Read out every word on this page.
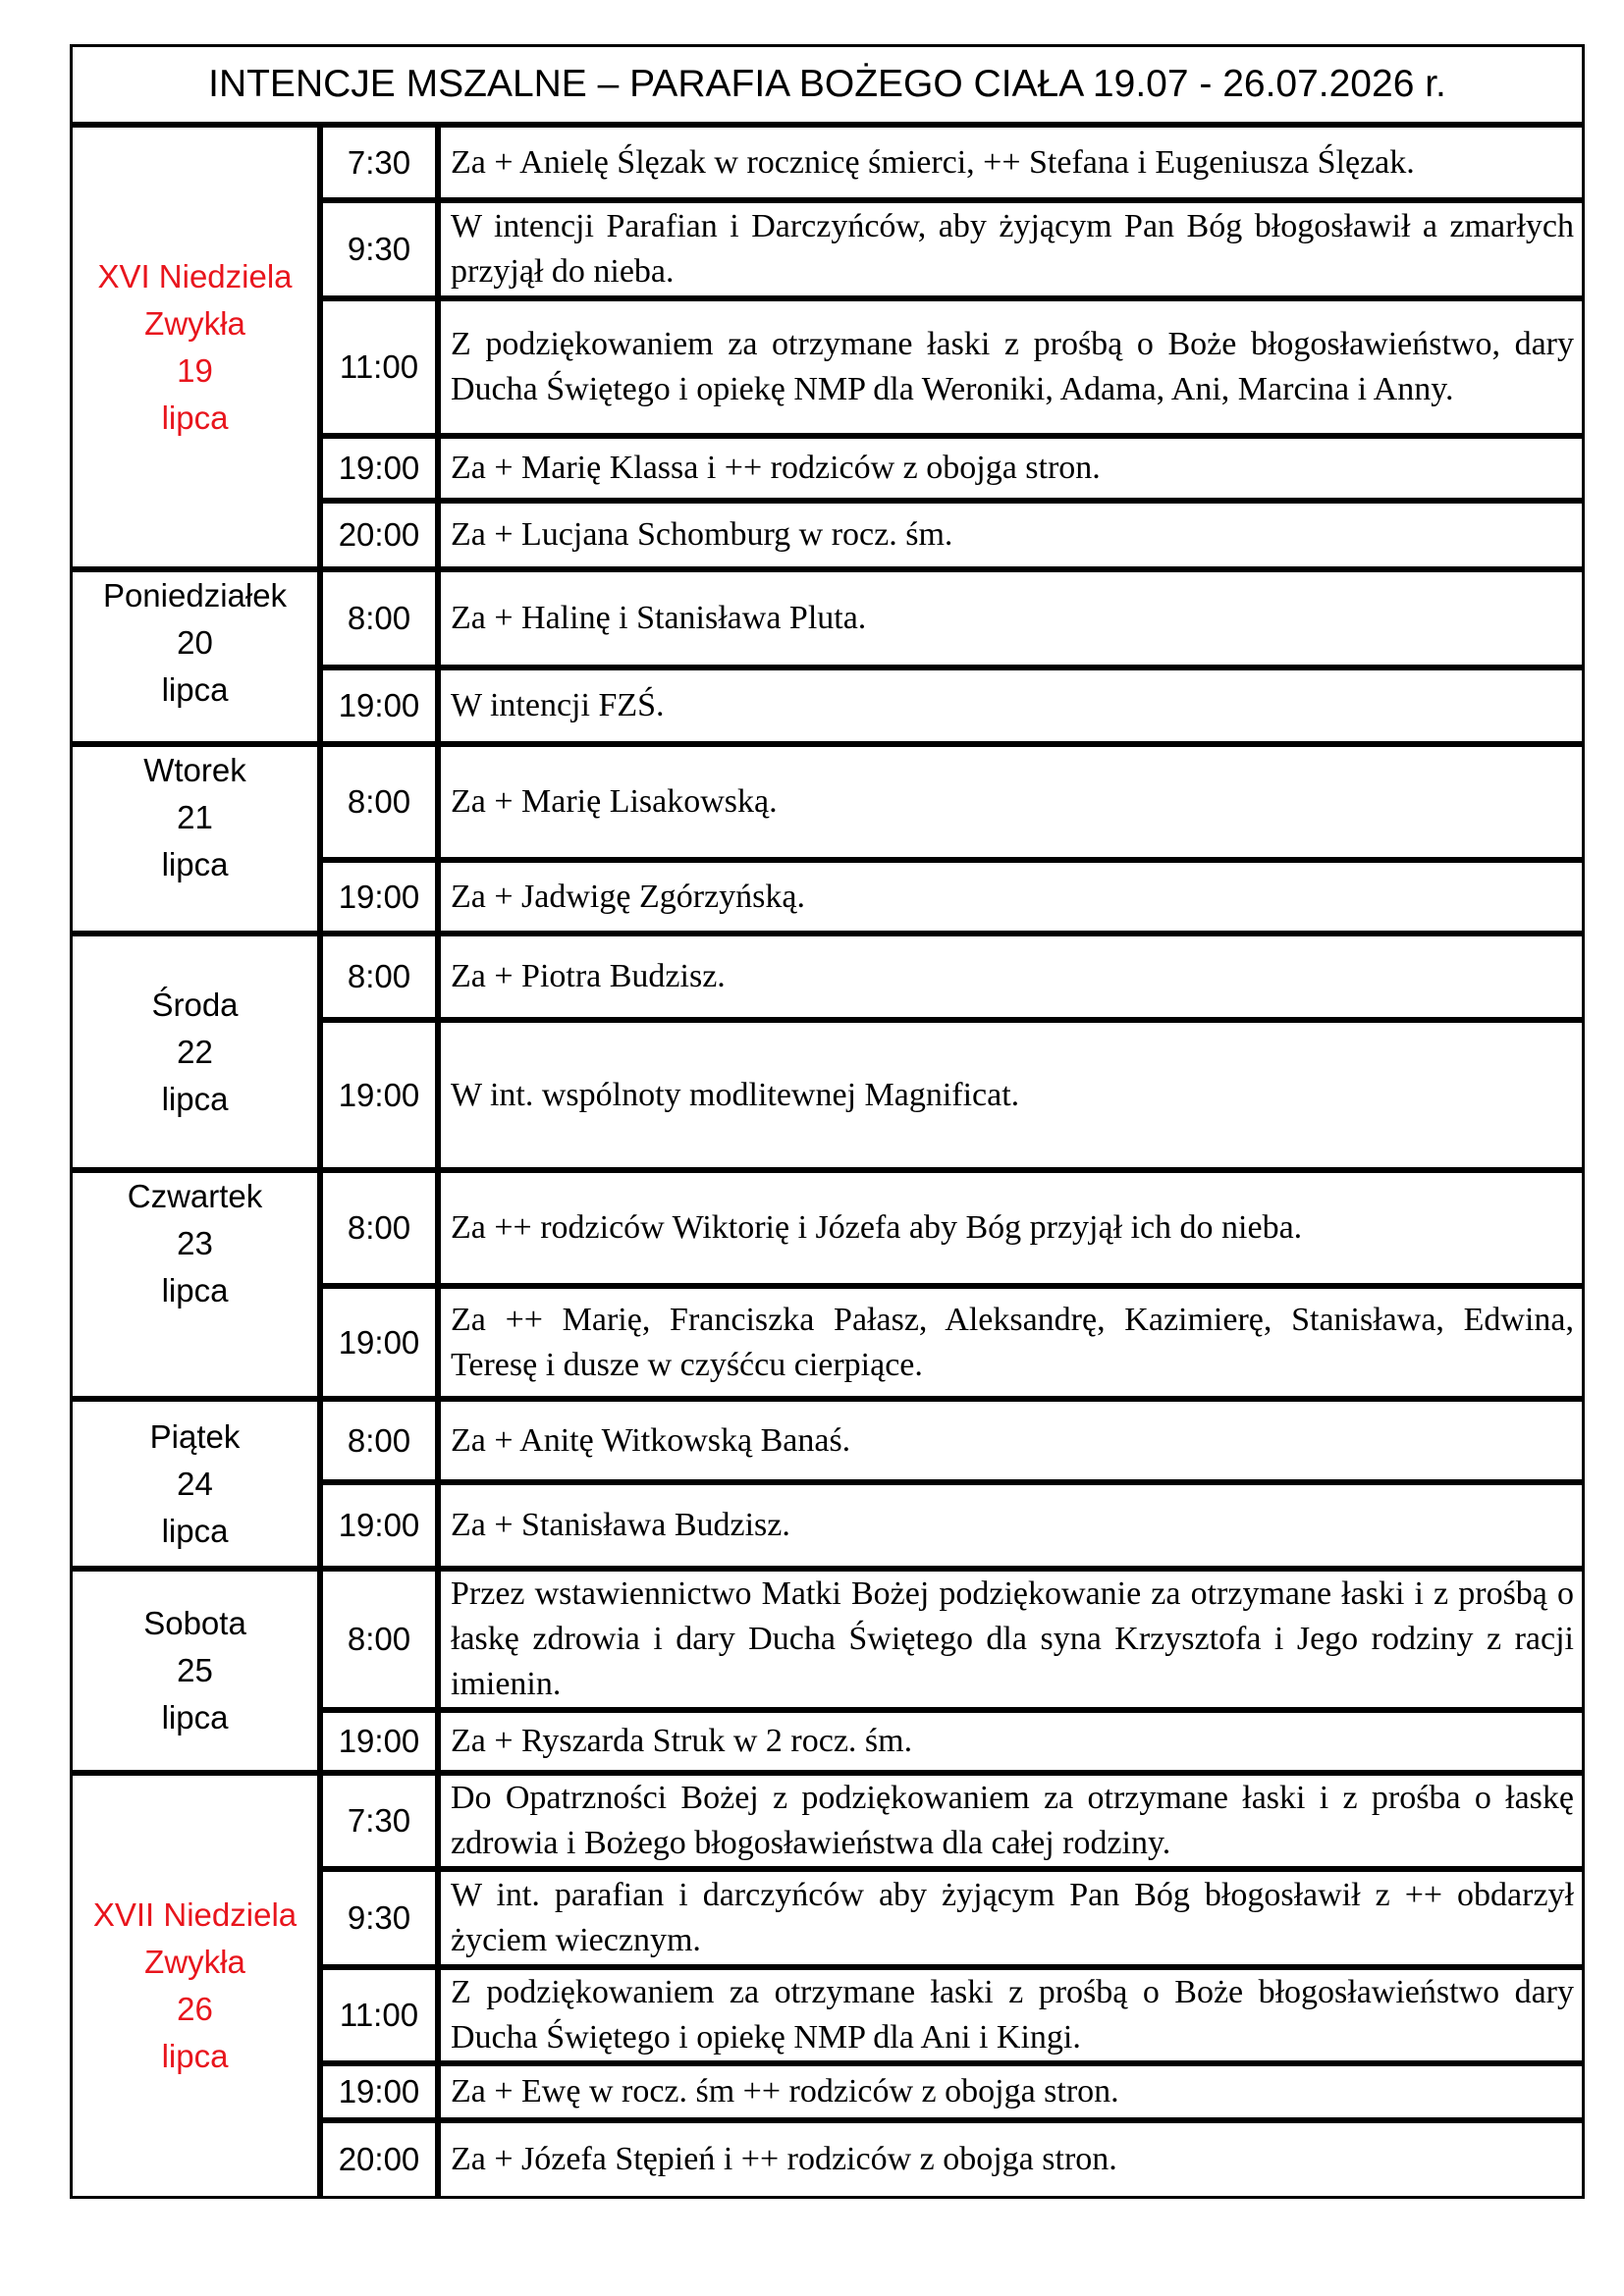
INTENCJE MSZALNE – PARAFIA BOŻEGO CIAŁA 19.07 - 26.07.2026 r.		

XVI Niedziela
Zwykła
19
lipca	7:30	Za + Anielę Ślęzak w rocznicę śmierci, ++ Stefana i Eugeniusza Ślęzak.
	9:30	W intencji Parafian i Darczyńców, aby żyjącym Pan Bóg błogosławił a zmarłych przyjął do nieba.
	11:00	Z podziękowaniem za otrzymane łaski z prośbą o Boże błogosławieństwo, dary Ducha Świętego i opiekę NMP dla Weroniki, Adama, Ani, Marcina i Anny.
	19:00	Za + Marię Klassa i ++ rodziców z obojga stron.
	20:00	Za + Lucjana Schomburg w rocz. śm.

Poniedziałek
20
lipca	8:00	Za + Halinę i Stanisława Pluta.
	19:00	W intencji FZŚ.

Wtorek
21
lipca	8:00	Za + Marię Lisakowską.
	19:00	Za + Jadwigę Zgórzyńską.

Środa
22
lipca	8:00	Za + Piotra Budzisz.
	19:00	W int. wspólnoty modlitewnej Magnificat.

Czwartek
23
lipca	8:00	Za ++ rodziców Wiktorię i Józefa aby Bóg przyjął ich do nieba.
	19:00	Za ++ Marię, Franciszka Pałasz, Aleksandrę, Kazimierę, Stanisława, Edwina, Teresę i dusze w czyśćcu cierpiące.

Piątek
24
lipca	8:00	Za + Anitę Witkowską Banaś.
	19:00	Za + Stanisława Budzisz.

Sobota
25
lipca	8:00	Przez wstawiennictwo Matki Bożej podziękowanie za otrzymane łaski i z prośbą o łaskę zdrowia i dary Ducha Świętego dla syna Krzysztofa i Jego rodziny z racji imienin.
	19:00	Za + Ryszarda Struk w 2 rocz. śm.

XVII Niedziela
Zwykła
26
lipca	7:30	Do Opatrzności Bożej z podziękowaniem za otrzymane łaski i z prośba o łaskę zdrowia i Bożego błogosławieństwa dla całej rodziny.
	9:30	W int. parafian i darczyńców aby żyjącym Pan Bóg błogosławił z ++ obdarzył życiem wiecznym.
	11:00	Z podziękowaniem za otrzymane łaski z prośbą o Boże błogosławieństwo dary Ducha Świętego i opiekę NMP dla Ani i Kingi.
	19:00	Za + Ewę w rocz. śm ++ rodziców z obojga stron.
	20:00	Za + Józefa Stępień i ++ rodziców z obojga stron.
